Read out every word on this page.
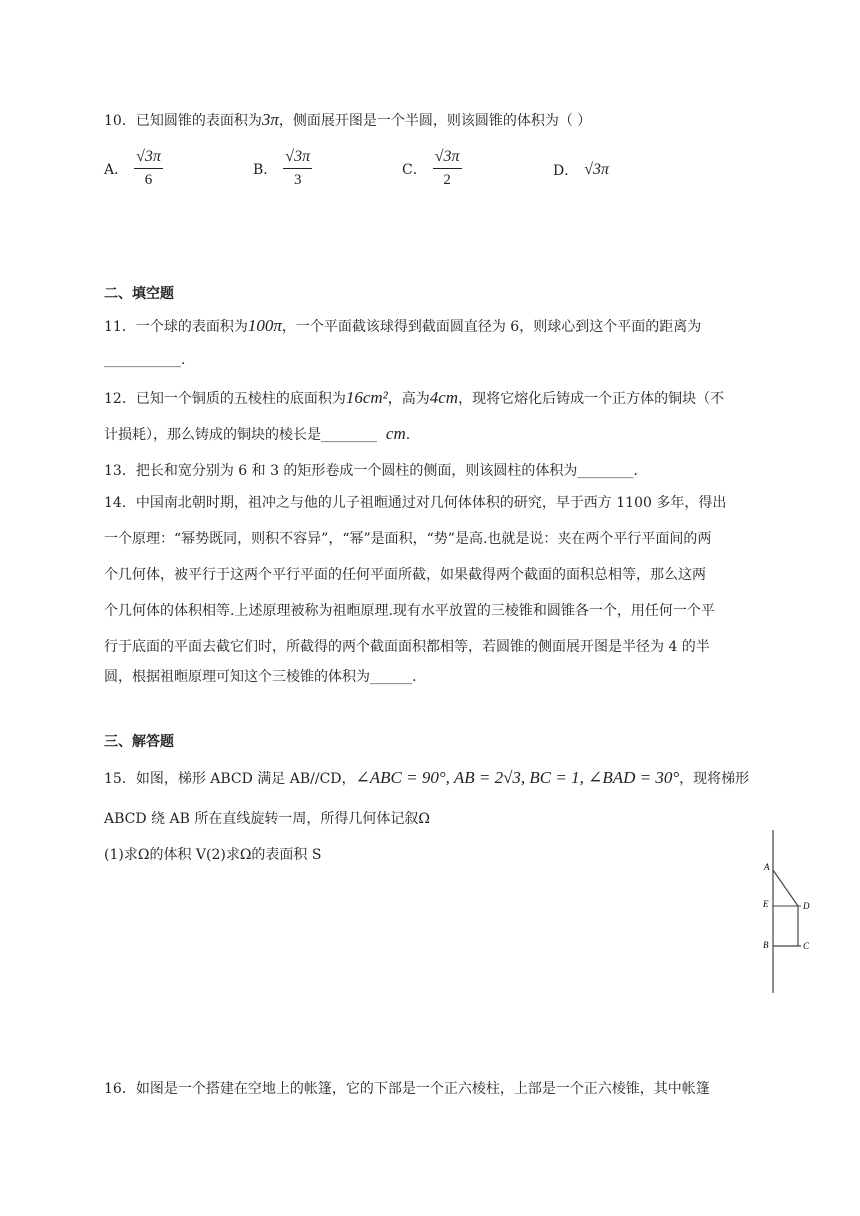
10．已知圆锥的表面积为3π，侧面展开图是一个半圆，则该圆锥的体积为（ ）
A． $\frac{√3\pi}{6}$	B． $\frac{√3\pi}{3}$	C． $\frac{√3\pi}{2}$	D． √3π
二、填空题
11．一个球的表面积为100π，一个平面截该球得到截面圆直径为 6，则球心到这个平面的距离为
___________.
12．已知一个铜质的五棱柱的底面积为16cm²，高为4cm，现将它熔化后铸成一个正方体的铜块（不
计损耗），那么铸成的铜块的棱长是________ cm.
13．把长和宽分别为 6 和 3 的矩形卷成一个圆柱的侧面，则该圆柱的体积为________.
14．中国南北朝时期，祖冲之与他的儿子祖暅通过对几何体体积的研究，早于西方 1100 多年，得出
一个原理：“幂势既同，则积不容异”，“幂”是面积，“势”是高.也就是说：夹在两个平行平面间的两
个几何体，被平行于这两个平行平面的任何平面所截，如果截得两个截面的面积总相等，那么这两
个几何体的体积相等.上述原理被称为祖暅原理.现有水平放置的三棱锥和圆锥各一个，用任何一个平
行于底面的平面去截它们时，所截得的两个截面面积都相等，若圆锥的侧面展开图是半径为 4 的半
圆，根据祖暅原理可知这个三棱锥的体积为______.
三、解答题
15．如图，梯形 ABCD 满足 AB//CD，∠ABC = 90°, AB = 2√3, BC = 1, ∠BAD = 30°，现将梯形
ABCD 绕 AB 所在直线旋转一周，所得几何体记叙Ω
(1)求Ω的体积 V(2)求Ω的表面积 S
A
E	D
B	C
16．如图是一个搭建在空地上的帐篷，它的下部是一个正六棱柱，上部是一个正六棱锥，其中帐篷
